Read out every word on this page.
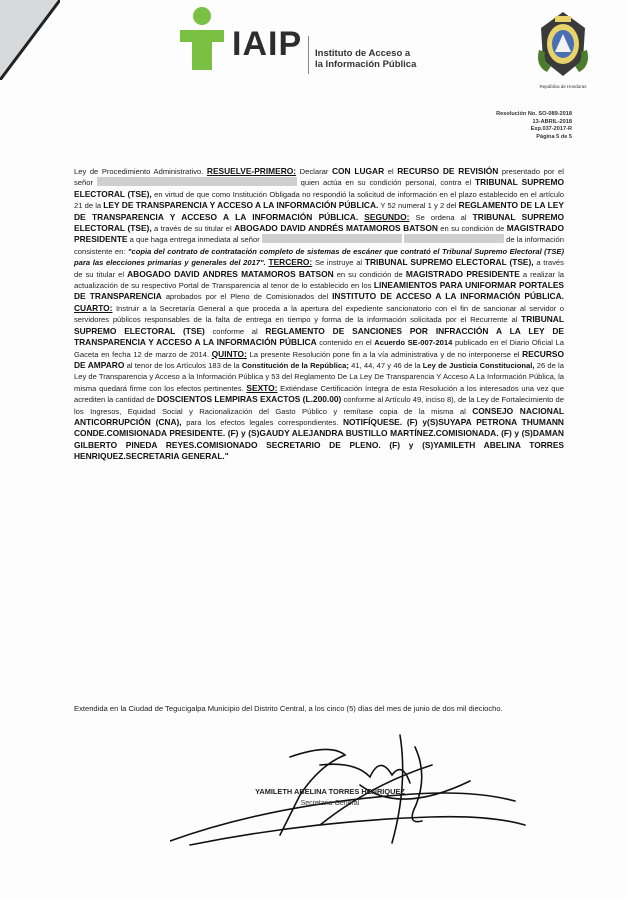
IAIP Instituto de Acceso a
la Información Pública
República de Honduras
Resolución No. SO-089-2018
13-ABRIL-2018
Exp.037-2017-R
Página 5 de 5

Ley de Procedimiento Administrativo. RESUELVE-PRIMERO: Declarar CON LUGAR el RECURSO DE REVISIÓN presentado por el señor	quien actúa en su condición personal, contra el TRIBUNAL SUPREMO ELECTORAL (TSE), en virtud de que como Institución Obligada no respondió la solicitud de información en el plazo establecido en el artículo 21 de la LEY DE TRANSPARENCIA Y ACCESO A LA INFORMACIÓN PÚBLICA. Y 52 numeral 1 y 2 del REGLAMENTO DE LA LEY DE TRANSPARENCIA Y ACCESO A LA INFORMACIÓN PÚBLICA. SEGUNDO: Se ordena al TRIBUNAL SUPREMO ELECTORAL (TSE), a través de su titular el ABOGADO DAVID ANDRÉS MATAMOROS BATSON en su condición de MAGISTRADO PRESIDENTE a que haga entrega inmediata al señor	de la información consistente en: "copia del contrato de contratación completo de sistemas de escáner que contrató el Tribunal Supremo Electoral (TSE) para las elecciones primarias y generales del 2017". TERCERO: Se instruye al TRIBUNAL SUPREMO ELECTORAL (TSE), a través de su titular el ABOGADO DAVID ANDRES MATAMOROS BATSON en su condición de MAGISTRADO PRESIDENTE a realizar la actualización de su respectivo Portal de Transparencia al tenor de lo establecido en los LINEAMIENTOS PARA UNIFORMAR PORTALES DE TRANSPARENCIA aprobados por el Pleno de Comisionados del INSTITUTO DE ACCESO A LA INFORMACIÓN PÚBLICA. CUARTO: Instruir a la Secretaría General a que proceda a la apertura del expediente sancionatorio con el fin de sancionar al servidor o servidores públicos responsables de la falta de entrega en tiempo y forma de la información solicitada por el Recurrente al TRIBUNAL SUPREMO ELECTORAL (TSE) conforme al REGLAMENTO DE SANCIONES POR INFRACCIÓN A LA LEY DE TRANSPARENCIA Y ACCESO A LA INFORMACIÓN PÚBLICA contenido en el Acuerdo SE-007-2014 publicado en el Diario Oficial La Gaceta en fecha 12 de marzo de 2014. QUINTO: La presente Resolución pone fin a la vía administrativa y de no interponerse el RECURSO DE AMPARO al tenor de los Artículos 183 de la Constitución de la República; 41, 44, 47 y 46 de la Ley de Justicia Constitucional, 26 de la Ley de Transparencia y Acceso a la Información Pública y 53 del Reglamento De La Ley De Transparencia Y Acceso A La Información Pública, la misma quedará firme con los efectos pertinentes. SEXTO: Extiéndase Certificación íntegra de esta Resolución a los interesados una vez que acrediten la cantidad de DOSCIENTOS LEMPIRAS EXACTOS (L.200.00) conforme al Artículo 49, inciso 8), de la Ley de Fortalecimiento de los Ingresos, Equidad Social y Racionalización del Gasto Público y remítase copia de la misma al CONSEJO NACIONAL ANTICORRUPCIÓN (CNA), para los efectos legales correspondientes. NOTIFÍQUESE. (F) y(S)SUYAPA PETRONA THUMANN CONDE.COMISIONADA PRESIDENTE. (F) y (S)GAUDY ALEJANDRA BUSTILLO MARTÍNEZ.COMISIONADA. (F) y (S)DAMAN GILBERTO PINEDA REYES.COMISIONADO SECRETARIO DE PLENO. (F) y (S)YAMILETH ABELINA TORRES HENRIQUEZ.SECRETARIA GENERAL."

Extendida en la Ciudad de Tegucigalpa Municipio del Distrito Central, a los cinco (5) días del mes de junio de dos mil dieciocho.
YAMILETH ABELINA TORRES HENRIQUEZ
Secretaria General
